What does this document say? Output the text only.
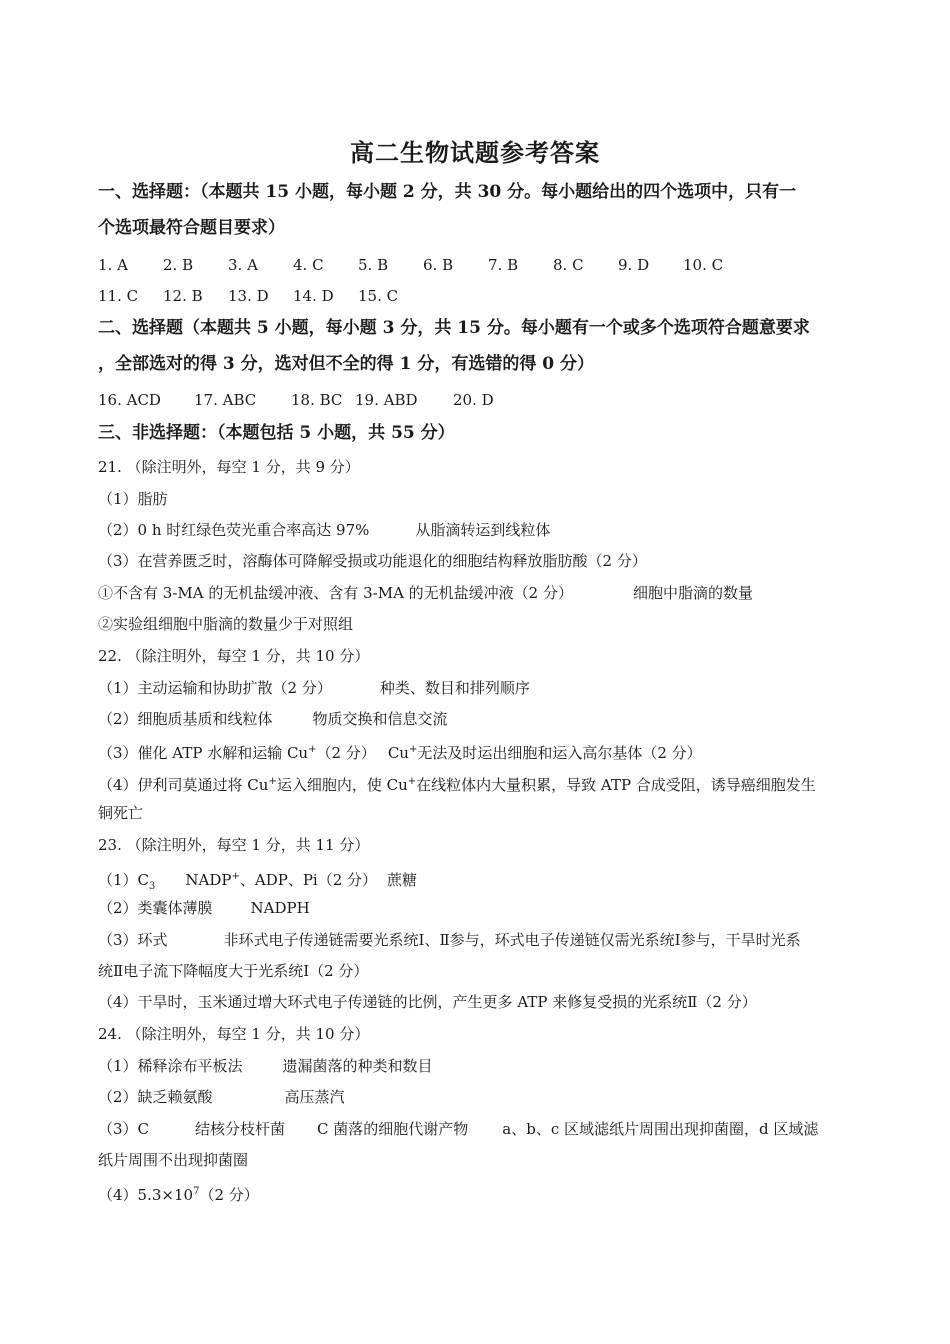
高二生物试题参考答案
一、选择题：（本题共 15 小题，每小题 2 分，共 30 分。每小题给出的四个选项中，只有一
个选项最符合题目要求）
1. A 2. B 3. A 4. C 5. B 6. B 7. B 8. C 9. D 10. C
11. C 12. B 13. D 14. D 15. C
二、选择题（本题共 5 小题，每小题 3 分，共 15 分。每小题有一个或多个选项符合题意要求
，全部选对的得 3 分，选对但不全的得 1 分，有选错的得 0 分）
16. ACD 17. ABC 18. BC 19. ABD 20. D
三、非选择题：（本题包括 5 小题，共 55 分）
21. （除注明外，每空 1 分，共 9 分）
（1）脂肪
（2）0 h 时红绿色荧光重合率高达 97%	从脂滴转运到线粒体
（3）在营养匮乏时，溶酶体可降解受损或功能退化的细胞结构释放脂肪酸（2 分）
①不含有 3-MA 的无机盐缓冲液、含有 3-MA 的无机盐缓冲液（2 分）	细胞中脂滴的数量
②实验组细胞中脂滴的数量少于对照组
22. （除注明外，每空 1 分，共 10 分）
（1）主动运输和协助扩散（2 分）	种类、数目和排列顺序
（2）细胞质基质和线粒体	物质交换和信息交流
（3）催化 ATP 水解和运输 Cu+（2 分） Cu+无法及时运出细胞和运入高尔基体（2 分）
（4）伊利司莫通过将 Cu+运入细胞内，使 Cu+在线粒体内大量积累，导致 ATP 合成受阻，诱导癌细胞发生
铜死亡
23. （除注明外，每空 1 分，共 11 分）
$(1)C_3$ NADP+、ADP、Pi（2 分） 蔗糖
（2）类囊体薄膜	NADPH
（3）环式	非环式电子传递链需要光系统Ⅰ、Ⅱ参与，环式电子传递链仅需光系统Ⅰ参与，干旱时光系
统Ⅱ电子流下降幅度大于光系统Ⅰ（2 分）
（4）干旱时，玉米通过增大环式电子传递链的比例，产生更多 ATP 来修复受损的光系统Ⅱ（2 分）
24. （除注明外，每空 1 分，共 10 分）
（1）稀释涂布平板法	遗漏菌落的种类和数目
（2）缺乏赖氨酸	高压蒸汽
（3）C	结核分枝杆菌 C 菌落的细胞代谢产物 a、b、c 区域滤纸片周围出现抑菌圈，d 区域滤
纸片周围不出现抑菌圈
$(4)5.3\times 10^7(2$ 分）
